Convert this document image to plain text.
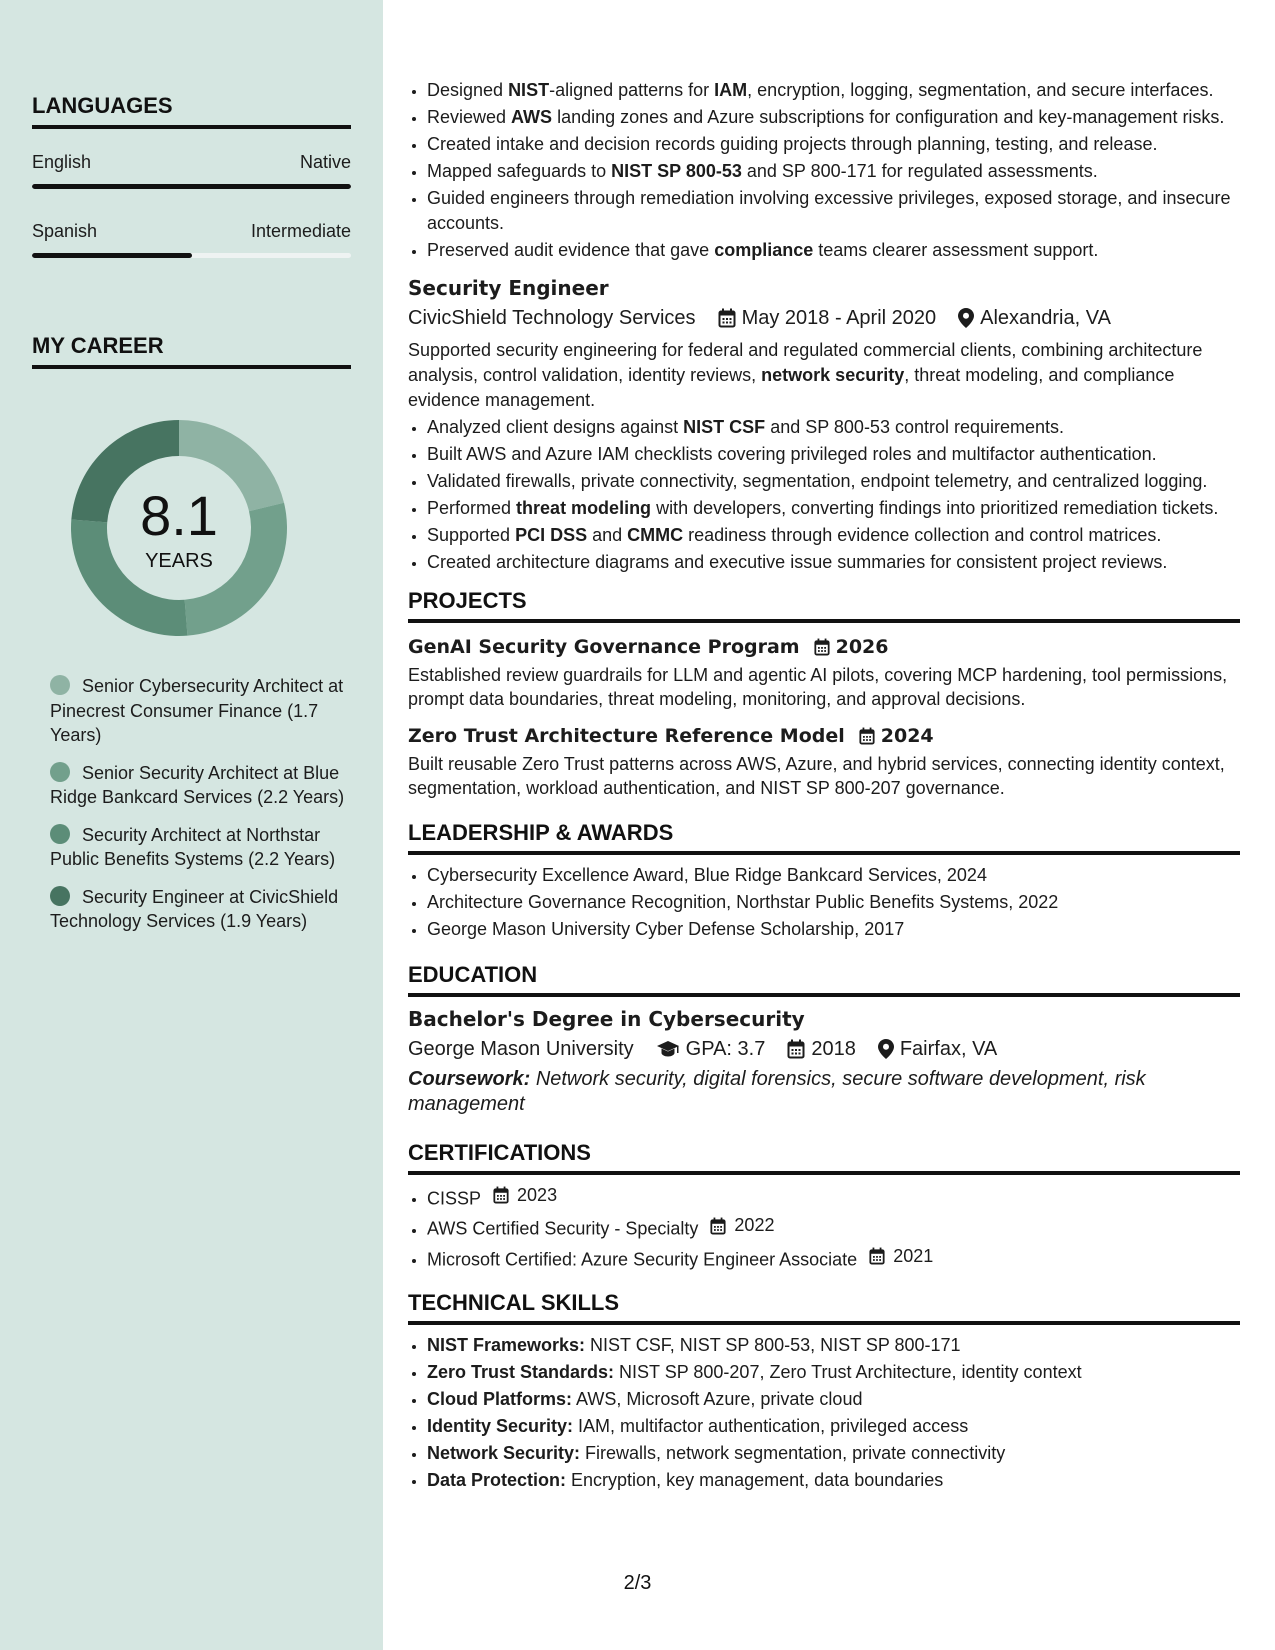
LANGUAGES
English	Native
Spanish	Intermediate
MY CAREER
8.1
YEARS
Senior Cybersecurity Architect at Pinecrest Consumer Finance (1.7 Years)
Senior Security Architect at Blue Ridge Bankcard Services (2.2 Years)
Security Architect at Northstar Public Benefits Systems (2.2 Years)
Security Engineer at CivicShield Technology Services (1.9 Years)
• Designed NIST-aligned patterns for IAM, encryption, logging, segmentation, and secure interfaces.
• Reviewed AWS landing zones and Azure subscriptions for configuration and key-management risks.
• Created intake and decision records guiding projects through planning, testing, and release.
• Mapped safeguards to NIST SP 800-53 and SP 800-171 for regulated assessments.
• Guided engineers through remediation involving excessive privileges, exposed storage, and insecure accounts.
• Preserved audit evidence that gave compliance teams clearer assessment support.
Security Engineer
CivicShield Technology Services May 2018 - April 2020 Alexandria, VA
Supported security engineering for federal and regulated commercial clients, combining architecture analysis, control validation, identity reviews, network security, threat modeling, and compliance evidence management.
• Analyzed client designs against NIST CSF and SP 800-53 control requirements.
• Built AWS and Azure IAM checklists covering privileged roles and multifactor authentication.
• Validated firewalls, private connectivity, segmentation, endpoint telemetry, and centralized logging.
• Performed threat modeling with developers, converting findings into prioritized remediation tickets.
• Supported PCI DSS and CMMC readiness through evidence collection and control matrices.
• Created architecture diagrams and executive issue summaries for consistent project reviews.
PROJECTS
GenAI Security Governance Program 2026
Established review guardrails for LLM and agentic AI pilots, covering MCP hardening, tool permissions, prompt data boundaries, threat modeling, monitoring, and approval decisions.
Zero Trust Architecture Reference Model 2024
Built reusable Zero Trust patterns across AWS, Azure, and hybrid services, connecting identity context, segmentation, workload authentication, and NIST SP 800-207 governance.
LEADERSHIP & AWARDS
• Cybersecurity Excellence Award, Blue Ridge Bankcard Services, 2024
• Architecture Governance Recognition, Northstar Public Benefits Systems, 2022
• George Mason University Cyber Defense Scholarship, 2017
EDUCATION
Bachelor's Degree in Cybersecurity
George Mason University	GPA: 3.7 2018 Fairfax, VA
Coursework: Network security, digital forensics, secure software development, risk management
CERTIFICATIONS
• CISSP 2023
• AWS Certified Security - Specialty 2022
• Microsoft Certified: Azure Security Engineer Associate 2021
TECHNICAL SKILLS
• NIST Frameworks: NIST CSF, NIST SP 800-53, NIST SP 800-171
• Zero Trust Standards: NIST SP 800-207, Zero Trust Architecture, identity context
• Cloud Platforms: AWS, Microsoft Azure, private cloud
• Identity Security: IAM, multifactor authentication, privileged access
• Network Security: Firewalls, network segmentation, private connectivity
• Data Protection: Encryption, key management, data boundaries
2/3
